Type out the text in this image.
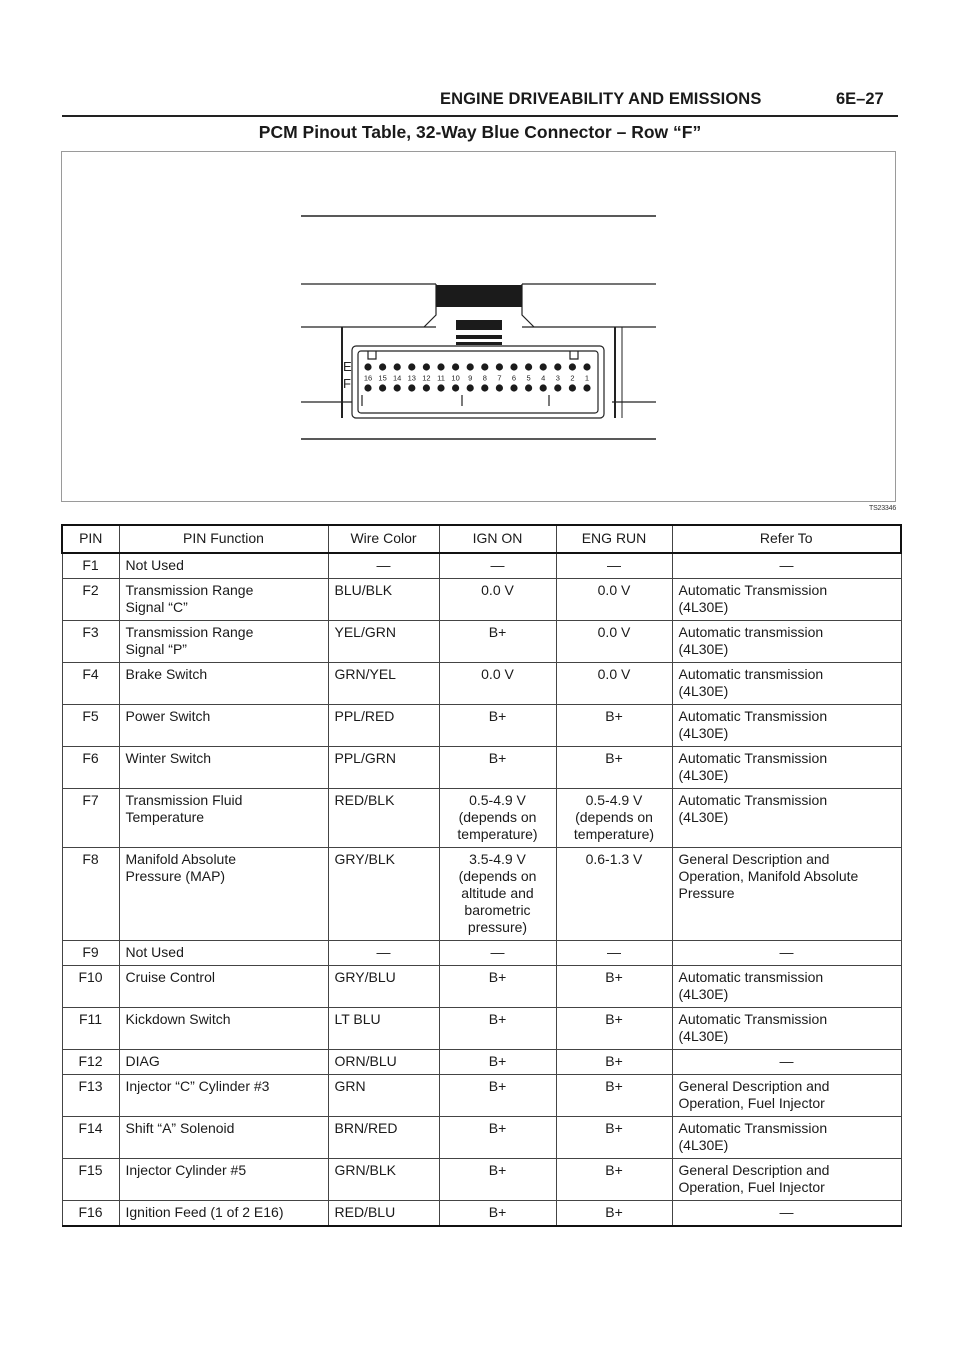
ENGINE DRIVEABILITY AND EMISSIONS	6E–27
PCM Pinout Table, 32-Way Blue Connector – Row “F”
16 15 14 13 12 11 10 9 8 7 6 5 4 3 2 1
E
F
TS23346
PIN	PIN Function	Wire Color	IGN ON	ENG RUN	Refer To
F1	Not Used	—	—	—	—
F2	Transmission Range
Signal “C”	BLU/BLK	0.0 V	0.0 V	Automatic Transmission
(4L30E)
F3	Transmission Range
Signal “P”	YEL/GRN	B+	0.0 V	Automatic transmission
(4L30E)
F4	Brake Switch	GRN/YEL	0.0 V	0.0 V	Automatic transmission
(4L30E)
F5	Power Switch	PPL/RED	B+	B+	Automatic Transmission
(4L30E)
F6	Winter Switch	PPL/GRN	B+	B+	Automatic Transmission
(4L30E)
F7	Transmission Fluid
Temperature	RED/BLK	0.5-4.9 V
(depends on
temperature)	0.5-4.9 V
(depends on
temperature)	Automatic Transmission
(4L30E)
F8	Manifold Absolute
Pressure (MAP)	GRY/BLK	3.5-4.9 V
(depends on
altitude and
barometric
pressure)	0.6-1.3 V	General Description and
Operation, Manifold Absolute
Pressure
F9	Not Used	—	—	—	—
F10	Cruise Control	GRY/BLU	B+	B+	Automatic transmission
(4L30E)
F11	Kickdown Switch	LT BLU	B+	B+	Automatic Transmission
(4L30E)
F12	DIAG	ORN/BLU	B+	B+	—
F13	Injector “C” Cylinder #3	GRN	B+	B+	General Description and
Operation, Fuel Injector
F14	Shift “A” Solenoid	BRN/RED	B+	B+	Automatic Transmission
(4L30E)
F15	Injector Cylinder #5	GRN/BLK	B+	B+	General Description and
Operation, Fuel Injector
F16	Ignition Feed (1 of 2 E16)	RED/BLU	B+	B+	—
